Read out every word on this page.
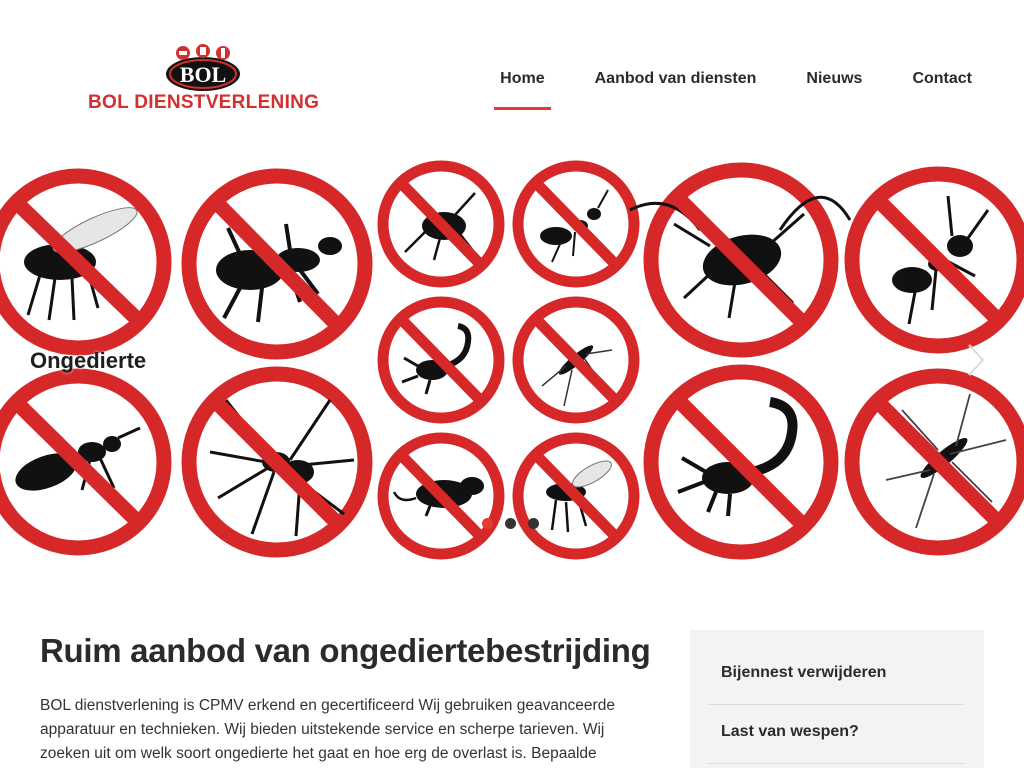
BOL
BOL DIENSTVERLENING
Home	Aanbod van diensten	Nieuws	Contact
Ongedierte
Ruim aanbod van ongediertebestrijding

BOL dienstverlening is CPMV erkend en gecertificeerd Wij gebruiken geavanceerde apparatuur en technieken. Wij bieden uitstekende service en scherpe tarieven. Wij zoeken uit om welk soort ongedierte het gaat en hoe erg de overlast is. Bepaalde

Bijennest verwijderen
Last van wespen?
